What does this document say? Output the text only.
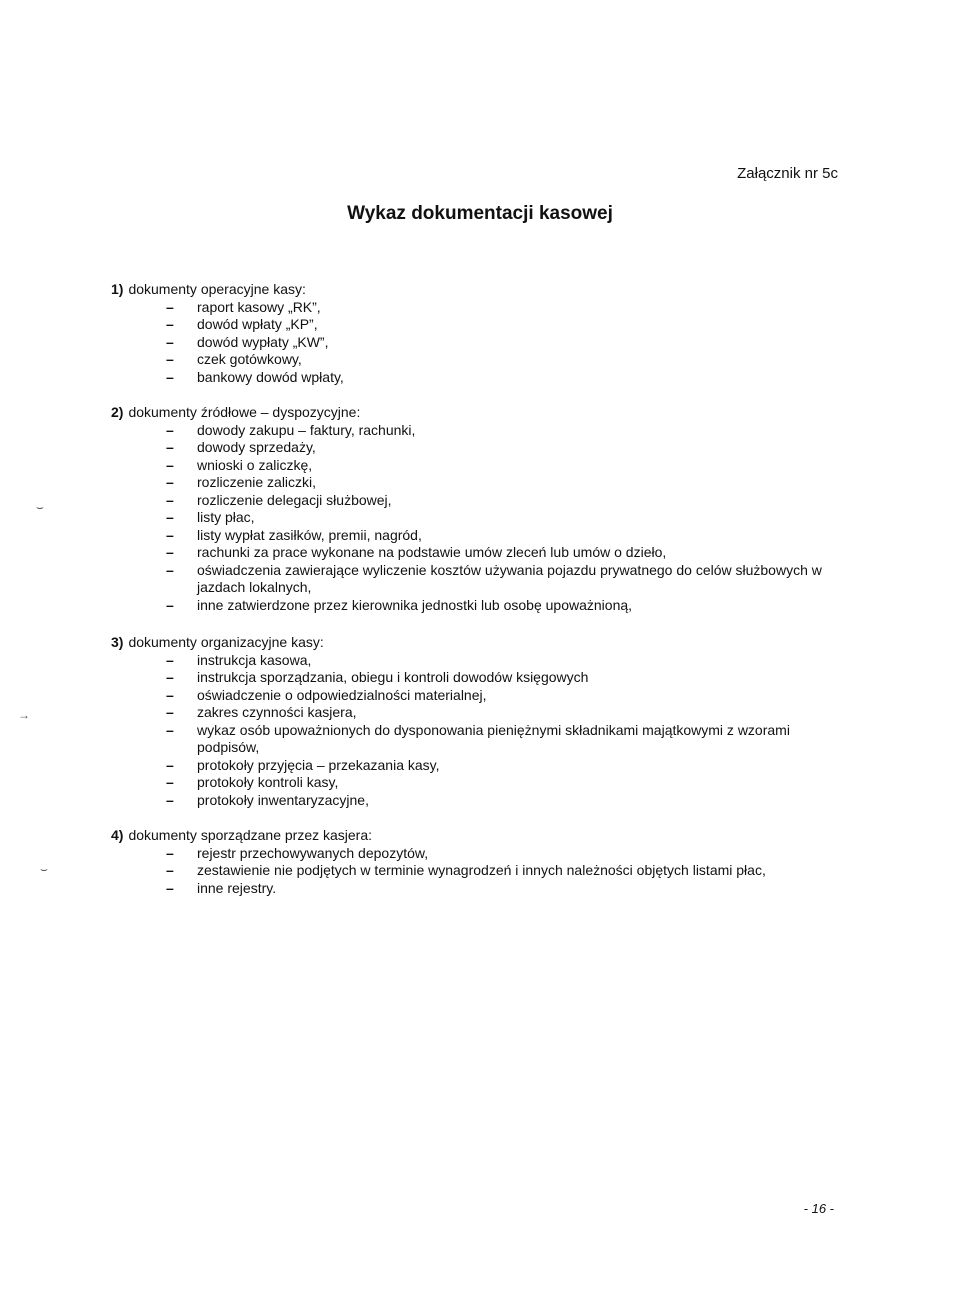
Załącznik nr 5c
Wykaz dokumentacji kasowej
1) dokumenty operacyjne kasy:
– raport kasowy „RK”,
– dowód wpłaty „KP”,
– dowód wypłaty „KW”,
– czek gotówkowy,
– bankowy dowód wpłaty,
2) dokumenty źródłowe – dyspozycyjne:
– dowody zakupu – faktury, rachunki,
– dowody sprzedaży,
– wnioski o zaliczkę,
– rozliczenie zaliczki,
– rozliczenie delegacji służbowej,
– listy płac,
– listy wypłat zasiłków, premii, nagród,
– rachunki za prace wykonane na podstawie umów zleceń lub umów o dzieło,
– oświadczenia zawierające wyliczenie kosztów używania pojazdu prywatnego do celów służbowych w jazdach lokalnych,
– inne zatwierdzone przez kierownika jednostki lub osobę upoważnioną,
3) dokumenty organizacyjne kasy:
– instrukcja kasowa,
– instrukcja sporządzania, obiegu i kontroli dowodów księgowych
– oświadczenie o odpowiedzialności materialnej,
– zakres czynności kasjera,
– wykaz osób upoważnionych do dysponowania pieniężnymi składnikami majątkowymi z wzorami podpisów,
– protokoły przyjęcia – przekazania kasy,
– protokoły kontroli kasy,
– protokoły inwentaryzacyjne,
4) dokumenty sporządzane przez kasjera:
– rejestr przechowywanych depozytów,
– zestawienie nie podjętych w terminie wynagrodzeń i innych należności objętych listami płac,
– inne rejestry.
- 16 -
⌣
→
⌣
